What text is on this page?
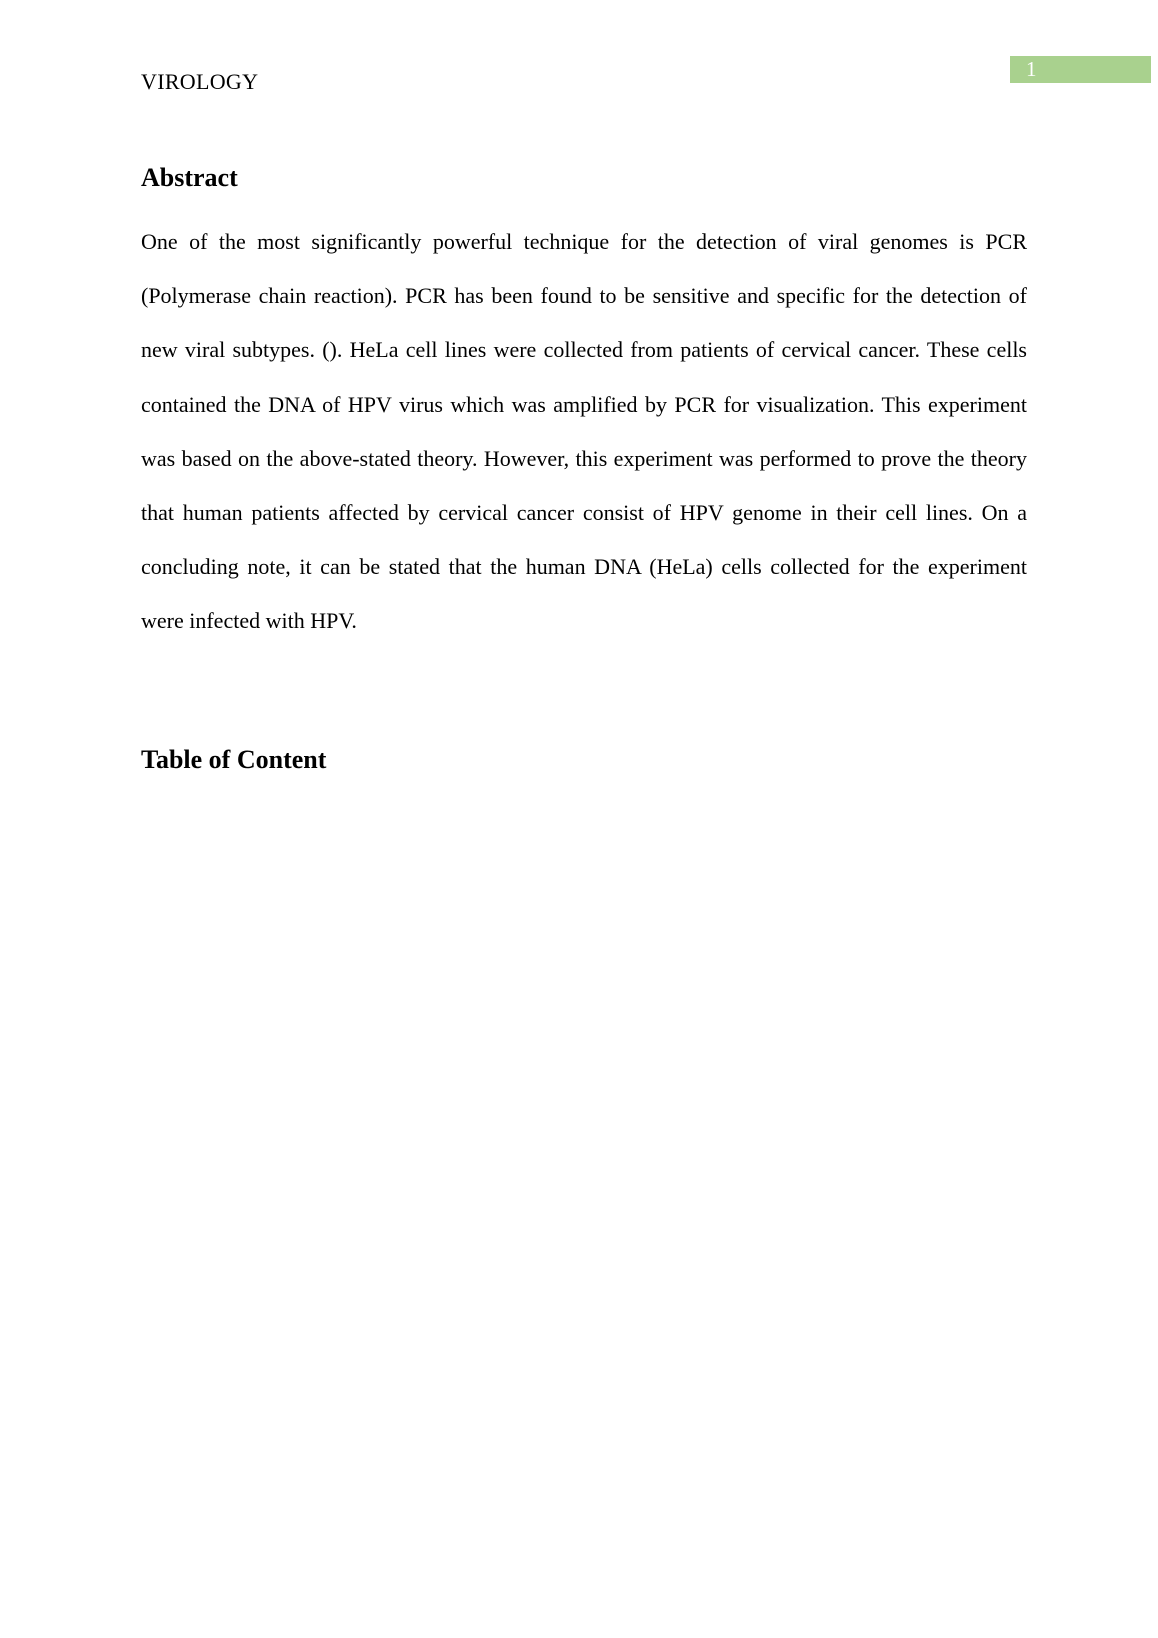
VIROLOGY	1
Abstract

One of the most significantly powerful technique for the detection of viral genomes is PCR (Polymerase chain reaction). PCR has been found to be sensitive and specific for the detection of new viral subtypes. (). HeLa cell lines were collected from patients of cervical cancer. These cells contained the DNA of HPV virus which was amplified by PCR for visualization. This experiment was based on the above-stated theory. However, this experiment was performed to prove the theory that human patients affected by cervical cancer consist of HPV genome in their cell lines. On a concluding note, it can be stated that the human DNA (HeLa) cells collected for the experiment were infected with HPV.

Table of Content
